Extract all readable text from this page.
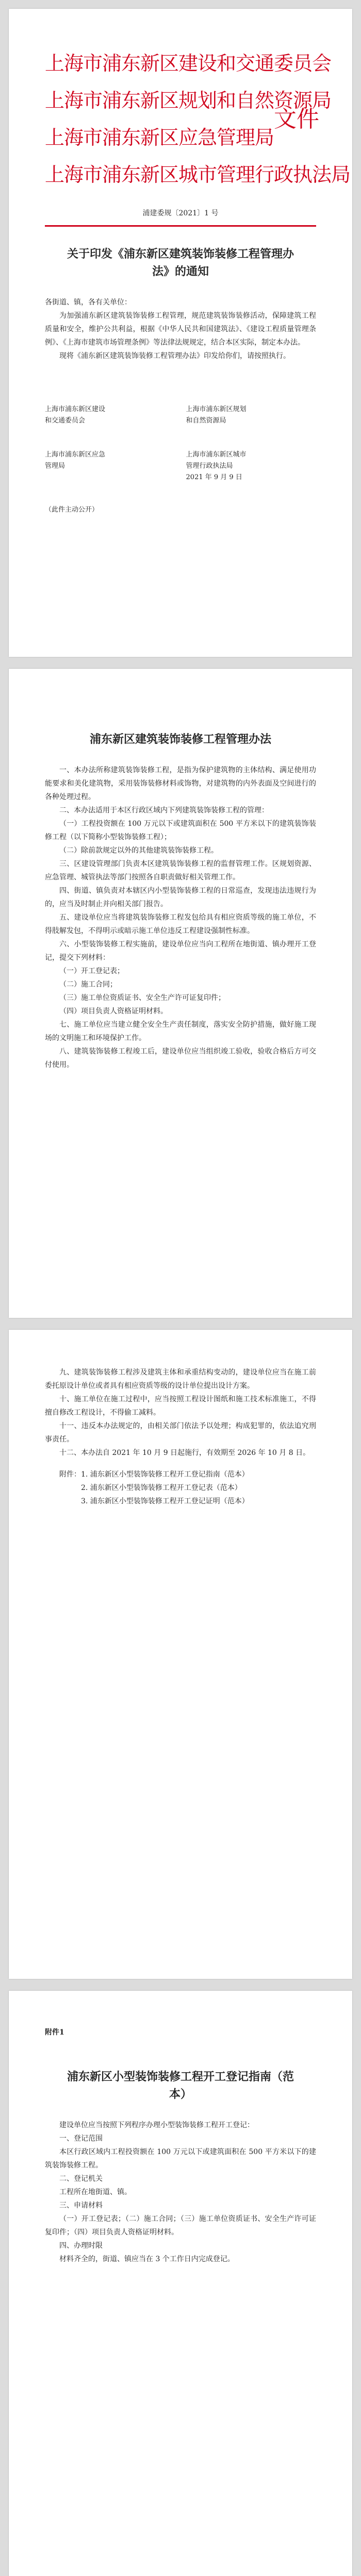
上海市浦东新区建设和交通委员会
上海市浦东新区规划和自然资源局
上海市浦东新区应急管理局
上海市浦东新区城市管理行政执法局
文件
浦建委规〔2021〕1 号
关于印发《浦东新区建筑装饰装修工程管理办法》的通知

各街道、镇，各有关单位：

为加强浦东新区建筑装饰装修工程管理，规范建筑装饰装修活动，保障建筑工程质量和安全，维护公共利益，根据《中华人民共和国建筑法》、《建设工程质量管理条例》、《上海市建筑市场管理条例》等法律法规规定，结合本区实际，制定本办法。

现将《浦东新区建筑装饰装修工程管理办法》印发给你们，请按照执行。

上海市浦东新区建设和交通委员会
上海市浦东新区应急管理局
上海市浦东新区规划和自然资源局
上海市浦东新区城市管理行政执法局
2021 年 9 月 9 日
（此件主动公开）
浦东新区建筑装饰装修工程管理办法

一、本办法所称建筑装饰装修工程，是指为保护建筑物的主体结构、满足使用功能要求和美化建筑物，采用装饰装修材料或饰物，对建筑物的内外表面及空间进行的各种处理过程。

二、本办法适用于本区行政区域内下列建筑装饰装修工程的管理：

（一）工程投资额在 100 万元以下或建筑面积在 500 平方米以下的建筑装饰装修工程（以下简称小型装饰装修工程）；

（二）除前款规定以外的其他建筑装饰装修工程。

三、区建设管理部门负责本区建筑装饰装修工程的监督管理工作。区规划资源、应急管理、城管执法等部门按照各自职责做好相关管理工作。

四、街道、镇负责对本辖区内小型装饰装修工程的日常巡查，发现违法违规行为的，应当及时制止并向相关部门报告。

五、建设单位应当将建筑装饰装修工程发包给具有相应资质等级的施工单位，不得肢解发包，不得明示或暗示施工单位违反工程建设强制性标准。

六、小型装饰装修工程实施前，建设单位应当向工程所在地街道、镇办理开工登记，提交下列材料：

（一）开工登记表；

（二）施工合同；

（三）施工单位资质证书、安全生产许可证复印件；

（四）项目负责人资格证明材料。

七、施工单位应当建立健全安全生产责任制度，落实安全防护措施，做好施工现场的文明施工和环境保护工作。

八、建筑装饰装修工程竣工后，建设单位应当组织竣工验收，验收合格后方可交付使用。

九、建筑装饰装修工程涉及建筑主体和承重结构变动的，建设单位应当在施工前委托原设计单位或者具有相应资质等级的设计单位提出设计方案。

十、施工单位在施工过程中，应当按照工程设计图纸和施工技术标准施工，不得擅自修改工程设计，不得偷工减料。

十一、违反本办法规定的，由相关部门依法予以处理；构成犯罪的，依法追究刑事责任。

十二、本办法自 2021 年 10 月 9 日起施行，有效期至 2026 年 10 月 8 日。

附件：1. 浦东新区小型装饰装修工程开工登记指南（范本）

2. 浦东新区小型装饰装修工程开工登记表（范本）

3. 浦东新区小型装饰装修工程开工登记证明（范本）

附件1
浦东新区小型装饰装修工程开工登记指南（范本）

建设单位应当按照下列程序办理小型装饰装修工程开工登记：

一、登记范围

本区行政区域内工程投资额在 100 万元以下或建筑面积在 500 平方米以下的建筑装饰装修工程。

二、登记机关

工程所在地街道、镇。

三、申请材料

（一）开工登记表；（二）施工合同；（三）施工单位资质证书、安全生产许可证复印件；（四）项目负责人资格证明材料。

四、办理时限

材料齐全的，街道、镇应当在 3 个工作日内完成登记。
